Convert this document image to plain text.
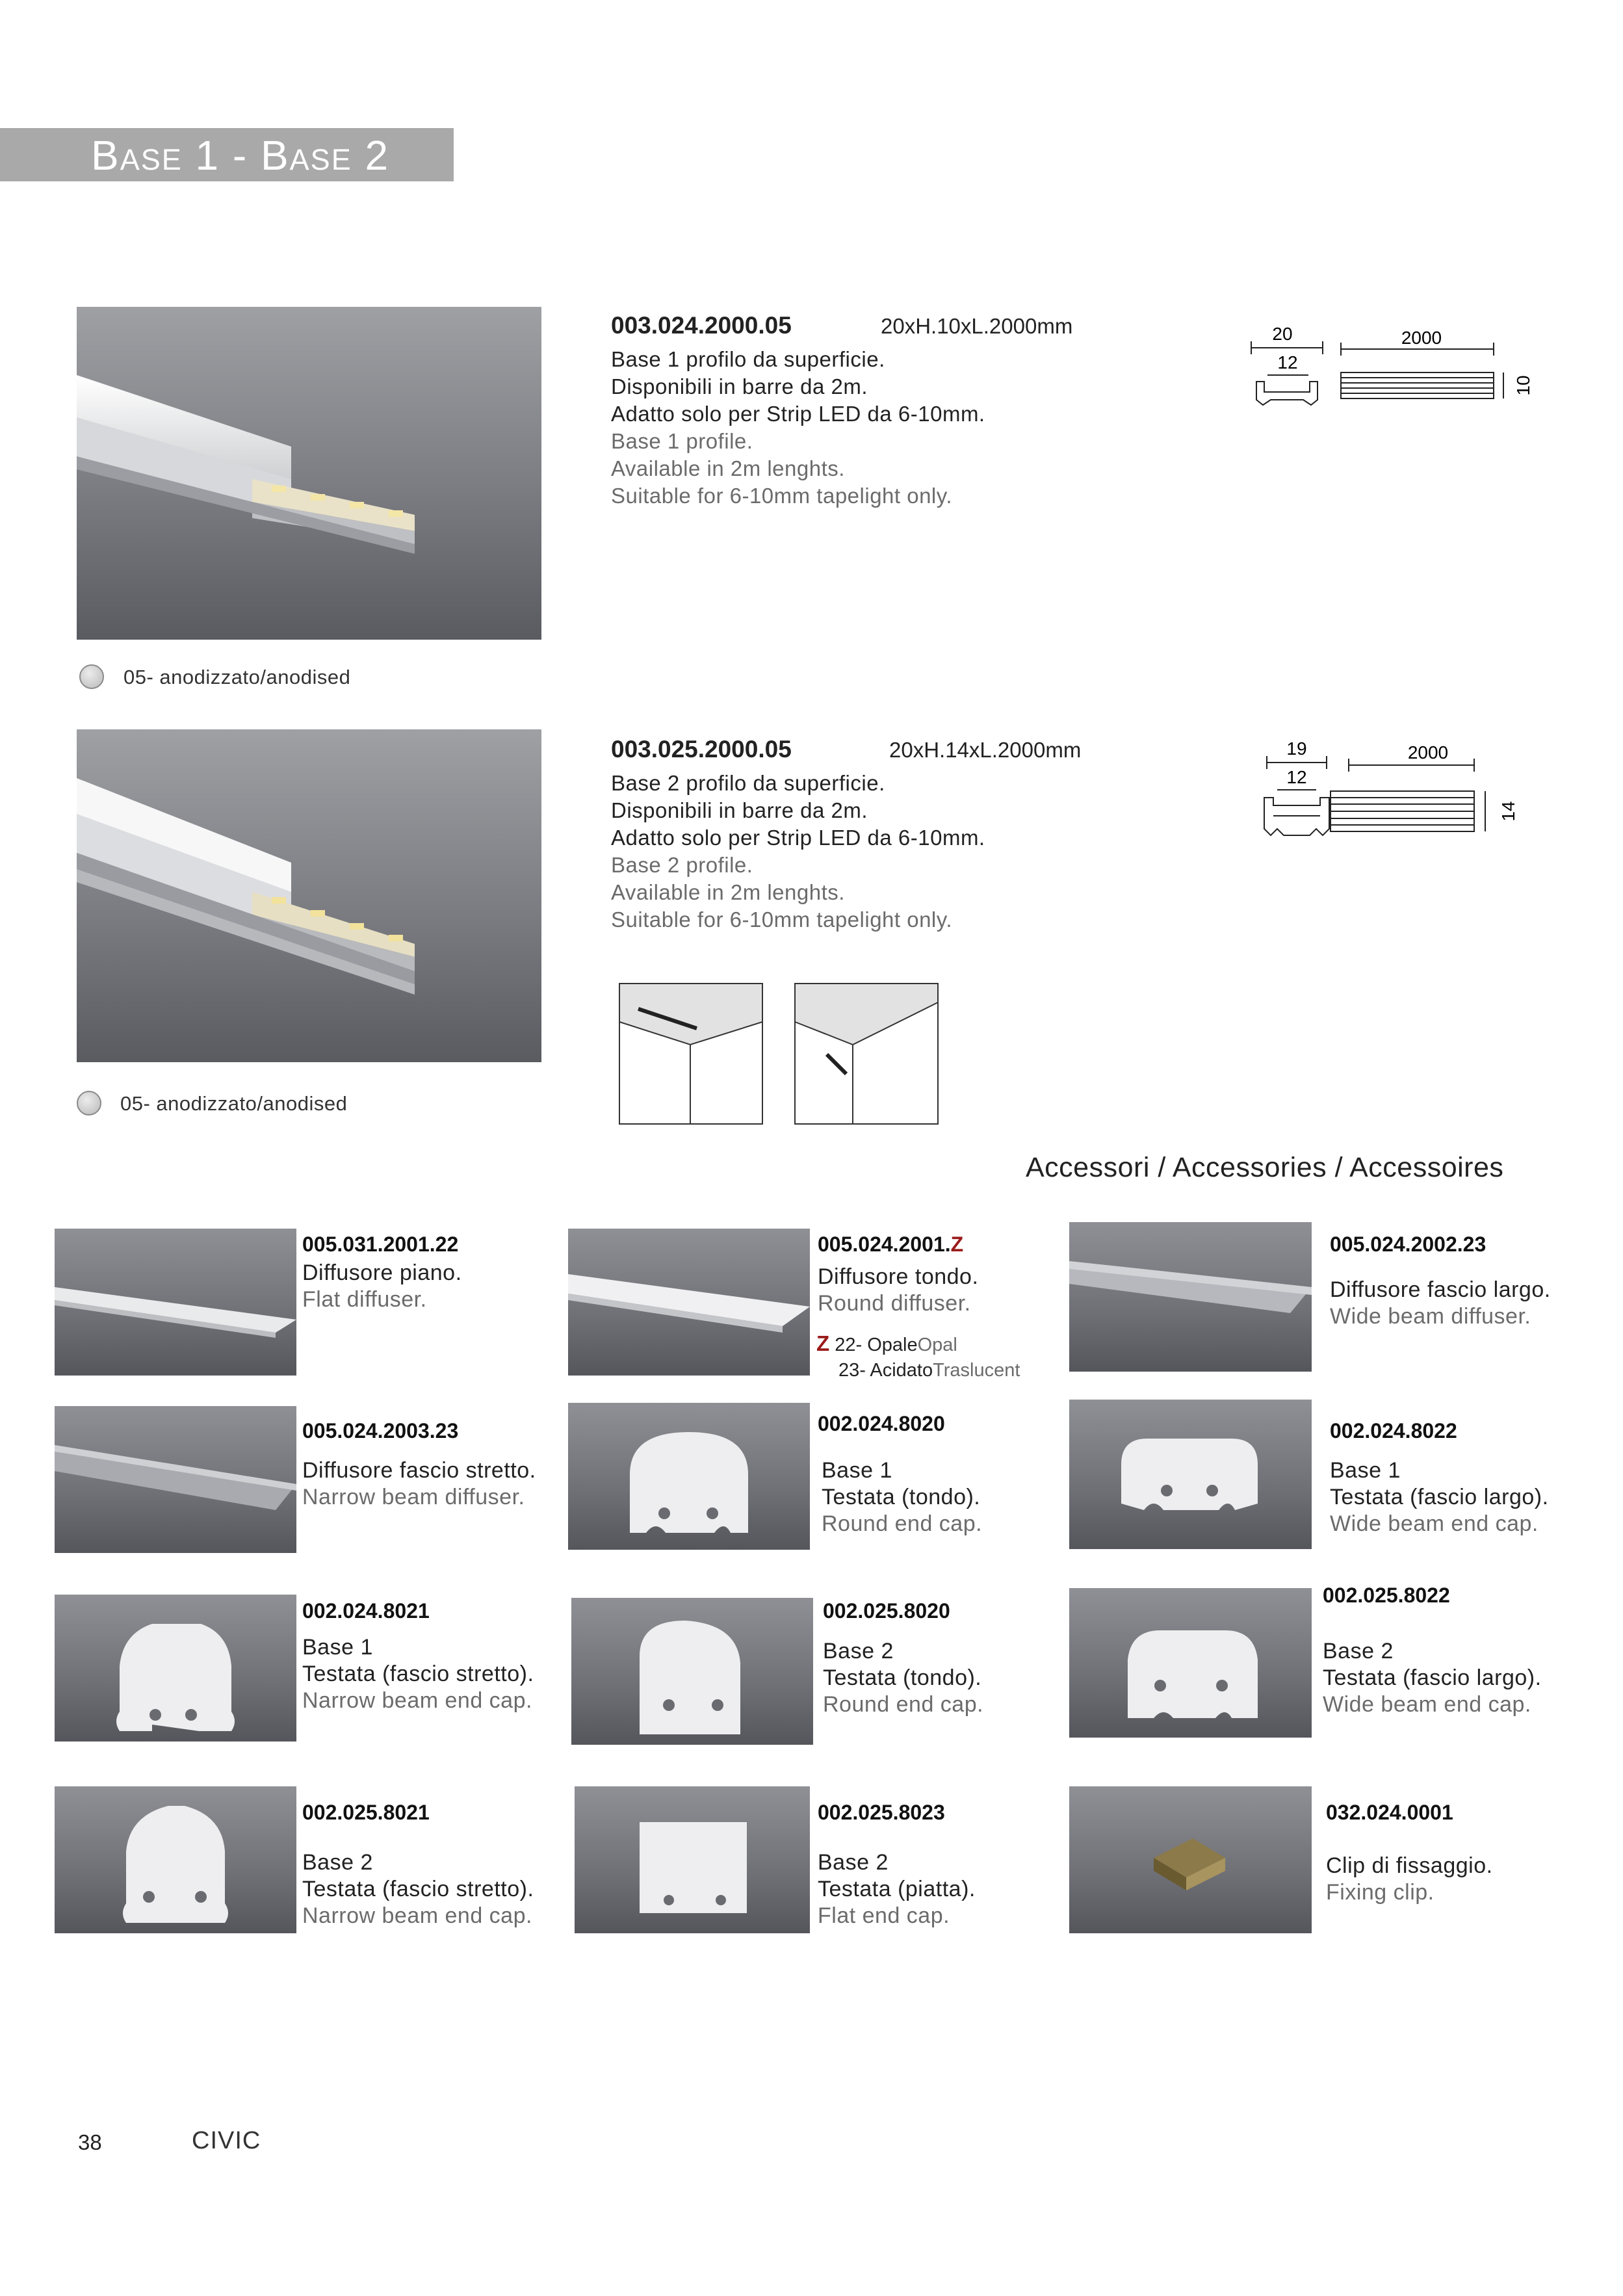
Base 1 - Base 2
003.024.2000.05	20xH.10xL.2000mm
Base 1 profilo da superficie.
Disponibili in barre da 2m.
Adatto solo per Strip LED da 6-10mm.
Base 1 profile.
Available in 2m lenghts.
Suitable for 6-10mm tapelight only.
20
12
2000
10
05- anodizzato/anodised
003.025.2000.05	20xH.14xL.2000mm
Base 2 profilo da superficie.
Disponibili in barre da 2m.
Adatto solo per Strip LED da 6-10mm.
Base 2 profile.
Available in 2m lenghts.
Suitable for 6-10mm tapelight only.
19
12
2000
14
05- anodizzato/anodised
Accessori / Accessories / Accessoires
005.031.2001.22
Diffusore piano.
Flat diffuser.
005.024.2001.Z
Diffusore tondo.
Round diffuser.
Z 22- OpaleOpal
23- AcidatoTraslucent
005.024.2002.23
Diffusore fascio largo.
Wide beam diffuser.
005.024.2003.23
Diffusore fascio stretto.
Narrow beam diffuser.
002.024.8020
Base 1
Testata (tondo).
Round end cap.
002.024.8022
Base 1
Testata (fascio largo).
Wide beam end cap.
002.024.8021
Base 1
Testata (fascio stretto).
Narrow beam end cap.
002.025.8020
Base 2
Testata (tondo).
Round end cap.
002.025.8022
Base 2
Testata (fascio largo).
Wide beam end cap.
002.025.8021
Base 2
Testata (fascio stretto).
Narrow beam end cap.
002.025.8023
Base 2
Testata (piatta).
Flat end cap.
032.024.0001
Clip di fissaggio.
Fixing clip.
38	CIVIC
